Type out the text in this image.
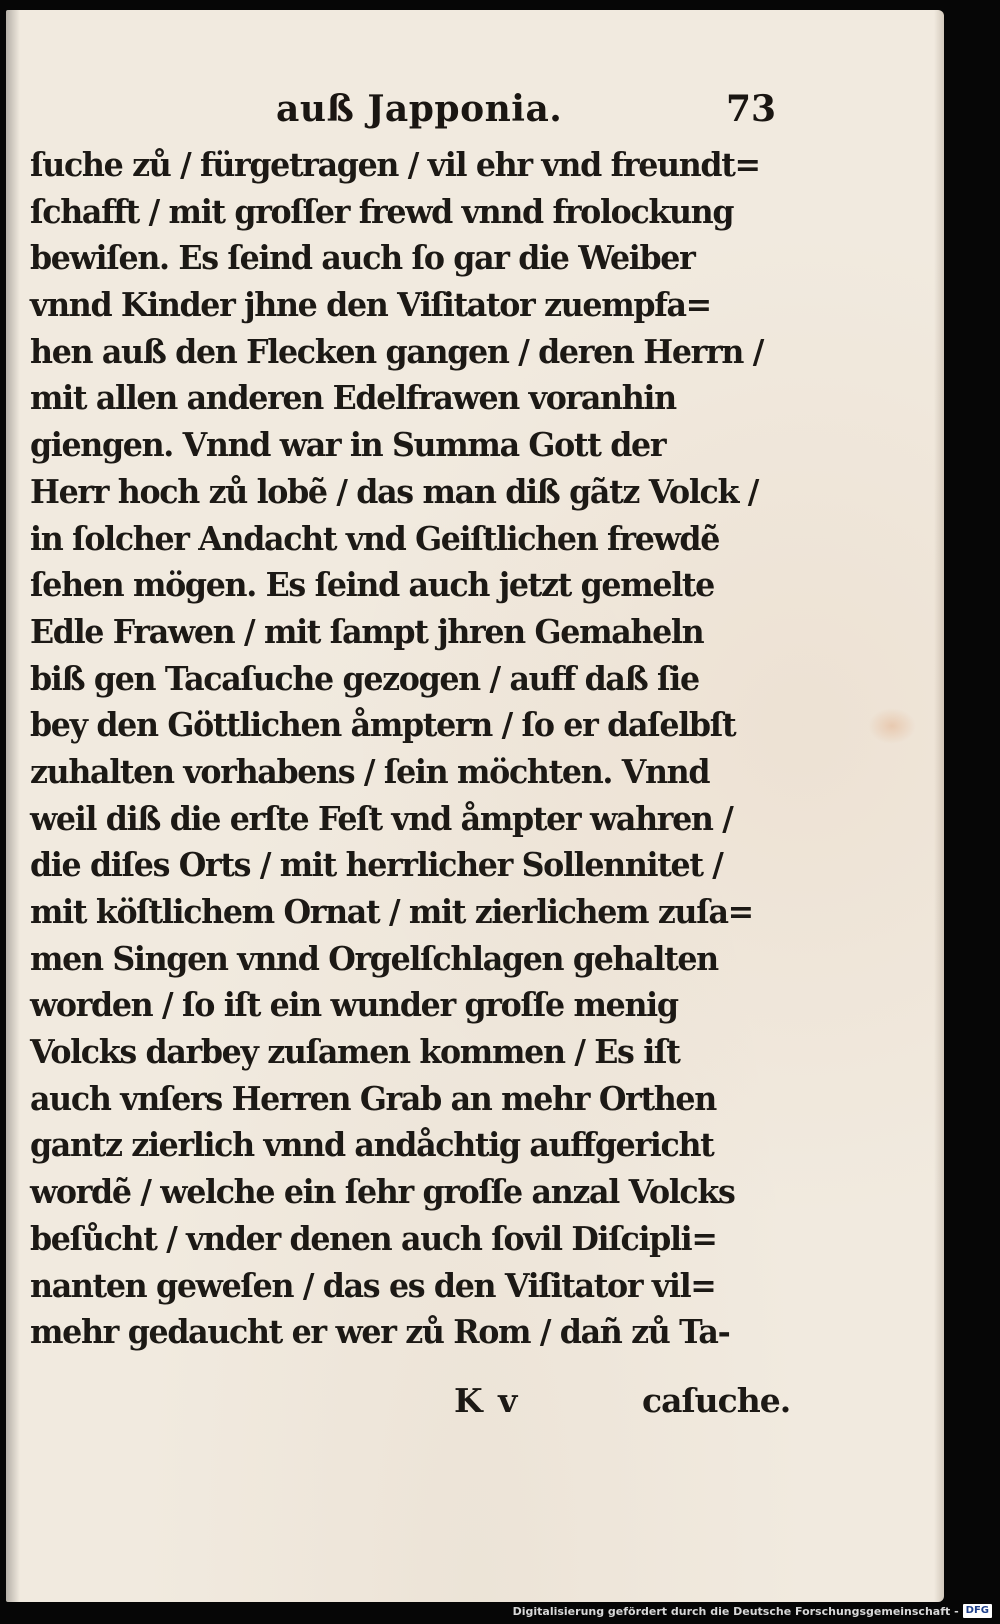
auß Japponia.	73
ſuche zů / fürgetragen / vil ehr vnd freundt=
ſchafft / mit groſſer frewd vnnd frolockung
bewiſen. Es ſeind auch ſo gar die Weiber
vnnd Kinder jhne den Viſitator zuempfa=
hen auß den Flecken gangen / deren Herrn /
mit allen anderen Edelfrawen voranhin
giengen. Vnnd war in Summa Gott der
Herr hoch zů lobẽ / das man diß gãtz Volck /
in ſolcher Andacht vnd Geiſtlichen frewdẽ
ſehen mögen. Es ſeind auch jetzt gemelte
Edle Frawen / mit ſampt jhren Gemaheln
biß gen Tacaſuche gezogen / auff daß ſie
bey den Göttlichen åmptern / ſo er daſelbſt
zuhalten vorhabens / ſein möchten. Vnnd
weil diß die erſte Feſt vnd åmpter wahren /
die diſes Orts / mit herrlicher Sollennitet /
mit köſtlichem Ornat / mit zierlichem zuſa=
men Singen vnnd Orgelſchlagen gehalten
worden / ſo iſt ein wunder groſſe menig
Volcks darbey zuſamen kommen / Es iſt
auch vnſers Herren Grab an mehr Orthen
gantz zierlich vnnd andåchtig auffgericht
wordẽ / welche ein ſehr groſſe anzal Volcks
beſůcht / vnder denen auch ſovil Diſcipli=
nanten geweſen / das es den Viſitator vil=
mehr gedaucht er wer zů Rom / dañ zů Ta-
K v	caſuche.
Digitalisierung gefördert durch die Deutsche Forschungsgemeinschaft - DFG
